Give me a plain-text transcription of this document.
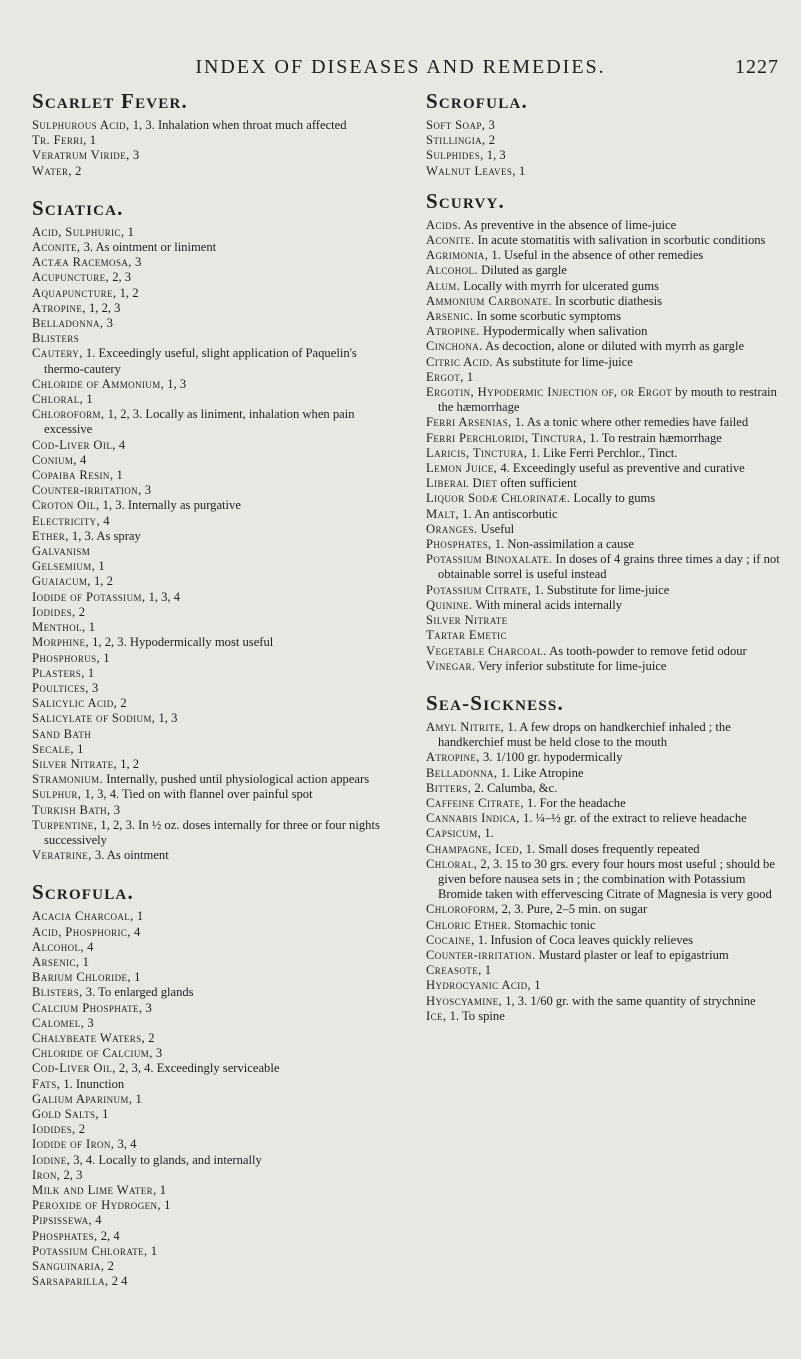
INDEX OF DISEASES AND REMEDIES.	1227
Scarlet Fever.
Sulphurous Acid, 1, 3. Inhalation when throat much affected
Tr. Ferri, 1
Veratrum Viride, 3
Water, 2
Sciatica.
Acid, Sulphuric, 1
Aconite, 3. As ointment or liniment
Actæa Racemosa, 3
Acupuncture, 2, 3
Aquapuncture, 1, 2
Atropine, 1, 2, 3
Belladonna, 3
Blisters
Cautery, 1. Exceedingly useful, slight application of Paquelin's thermo-cautery
Chloride of Ammonium, 1, 3
Chloral, 1
Chloroform, 1, 2, 3. Locally as liniment, inhalation when pain excessive
Cod-Liver Oil, 4
Conium, 4
Copaiba Resin, 1
Counter-irritation, 3
Croton Oil, 1, 3. Internally as purgative
Electricity, 4
Ether, 1, 3. As spray
Galvanism
Gelsemium, 1
Guaiacum, 1, 2
Iodide of Potassium, 1, 3, 4
Iodides, 2
Menthol, 1
Morphine, 1, 2, 3. Hypodermically most useful
Phosphorus, 1
Plasters, 1
Poultices, 3
Salicylic Acid, 2
Salicylate of Sodium, 1, 3
Sand Bath
Secale, 1
Silver Nitrate, 1, 2
Stramonium. Internally, pushed until physiological action appears
Sulphur, 1, 3, 4. Tied on with flannel over painful spot
Turkish Bath, 3
Turpentine, 1, 2, 3. In ½ oz. doses internally for three or four nights successively
Veratrine, 3. As ointment
Scrofula.
Acacia Charcoal, 1
Acid, Phosphoric, 4
Alcohol, 4
Arsenic, 1
Barium Chloride, 1
Blisters, 3. To enlarged glands
Calcium Phosphate, 3
Calomel, 3
Chalybeate Waters, 2
Chloride of Calcium, 3
Cod-Liver Oil, 2, 3, 4. Exceedingly serviceable
Fats, 1. Inunction
Galium Aparinum, 1
Gold Salts, 1
Iodides, 2
Iodide of Iron, 3, 4
Iodine, 3, 4. Locally to glands, and internally
Iron, 2, 3
Milk and Lime Water, 1
Peroxide of Hydrogen, 1
Pipsissewa, 4
Phosphates, 2, 4
Potassium Chlorate, 1
Sanguinaria, 2
Sarsaparilla, 2 4
Scrofula.
Soft Soap, 3
Stillingia, 2
Sulphides, 1, 3
Walnut Leaves, 1
Scurvy.
Acids. As preventive in the absence of lime-juice
Aconite. In acute stomatitis with salivation in scorbutic conditions
Agrimonia, 1. Useful in the absence of other remedies
Alcohol. Diluted as gargle
Alum. Locally with myrrh for ulcerated gums
Ammonium Carbonate. In scorbutic diathesis
Arsenic. In some scorbutic symptoms
Atropine. Hypodermically when salivation
Cinchona. As decoction, alone or diluted with myrrh as gargle
Citric Acid. As substitute for lime-juice
Ergot, 1
Ergotin, Hypodermic Injection of, or Ergot by mouth to restrain the hæmorrhage
Ferri Arsenias, 1. As a tonic where other remedies have failed
Ferri Perchloridi, Tinctura, 1. To restrain hæmorrhage
Laricis, Tinctura, 1. Like Ferri Perchlor., Tinct.
Lemon Juice, 4. Exceedingly useful as preventive and curative
Liberal Diet often sufficient
Liquor Sodæ Chlorinatæ. Locally to gums
Malt, 1. An antiscorbutic
Oranges. Useful
Phosphates, 1. Non-assimilation a cause
Potassium Binoxalate. In doses of 4 grains three times a day ; if not obtainable sorrel is useful instead
Potassium Citrate, 1. Substitute for lime-juice
Quinine. With mineral acids internally
Silver Nitrate
Tartar Emetic
Vegetable Charcoal. As tooth-powder to remove fetid odour
Vinegar. Very inferior substitute for lime-juice
Sea-Sickness.
Amyl Nitrite, 1. A few drops on handkerchief inhaled ; the handkerchief must be held close to the mouth
Atropine, 3. 1/100 gr. hypodermically
Belladonna, 1. Like Atropine
Bitters, 2. Calumba, &c.
Caffeine Citrate, 1. For the headache
Cannabis Indica, 1. ¼–½ gr. of the extract to relieve headache
Capsicum, 1.
Champagne, Iced, 1. Small doses frequently repeated
Chloral, 2, 3. 15 to 30 grs. every four hours most useful ; should be given before nausea sets in ; the combination with Potassium Bromide taken with effervescing Citrate of Magnesia is very good
Chloroform, 2, 3. Pure, 2–5 min. on sugar
Chloric Ether. Stomachic tonic
Cocaine, 1. Infusion of Coca leaves quickly relieves
Counter-irritation. Mustard plaster or leaf to epigastrium
Creasote, 1
Hydrocyanic Acid, 1
Hyoscyamine, 1, 3. 1/60 gr. with the same quantity of strychnine
Ice, 1. To spine
